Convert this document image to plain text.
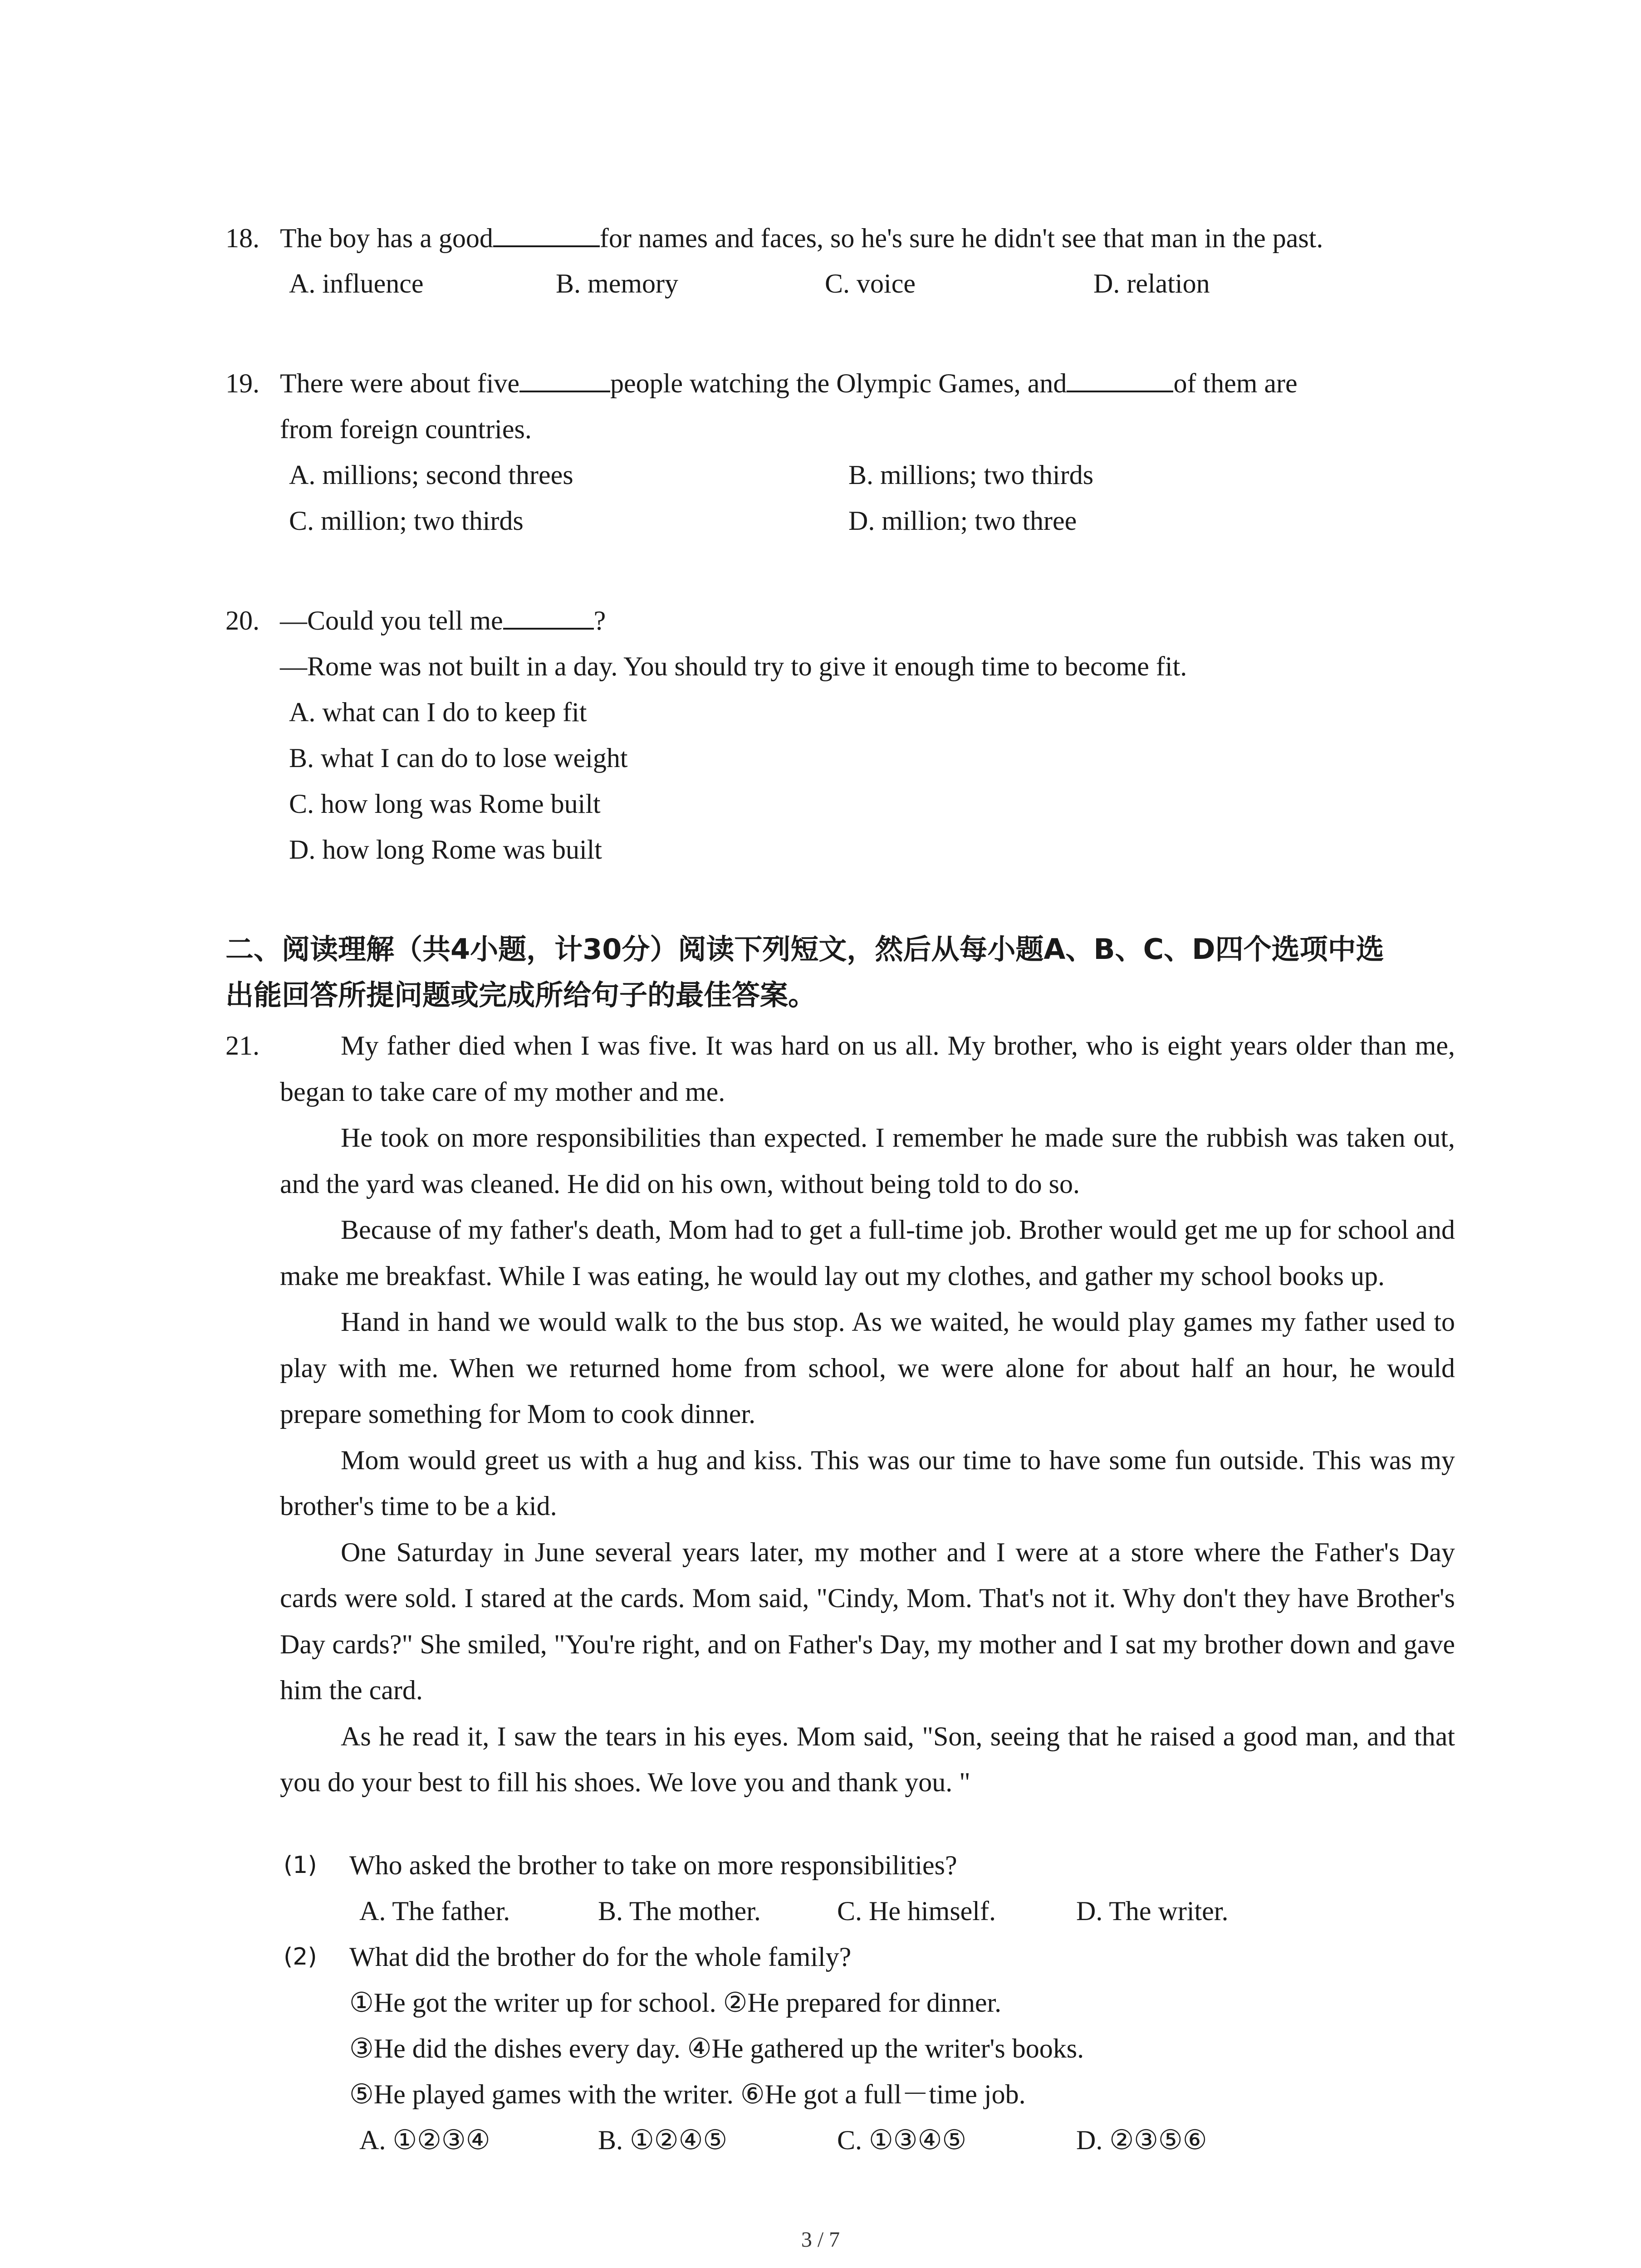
18. The boy has a good	for names and faces, so he's sure he didn't see that man in the past.
A. influence	B. memory	C. voice	D. relation
19. There were about five	people watching the Olympic Games, and	of them are
from foreign countries.
A. millions; second threes	B. millions; two thirds
C. million; two thirds	D. million; two three
20. —Could you tell me	?
—Rome was not built in a day. You should try to give it enough time to become fit.
A. what can I do to keep fit
B. what I can do to lose weight
C. how long was Rome built
D. how long Rome was built
二、阅读理解（共4小题，计30分）阅读下列短文，然后从每小题A、B、C、D四个选项中选
出能回答所提问题或完成所给句子的最佳答案。
21.	My father died when I was five. It was hard on us all. My brother, who is eight years older than me, began to take care of my mother and me.

He took on more responsibilities than expected. I remember he made sure the rubbish was taken out, and the yard was cleaned. He did on his own, without being told to do so.

Because of my father's death, Mom had to get a full-time job. Brother would get me up for school and make me breakfast. While I was eating, he would lay out my clothes, and gather my school books up.

Hand in hand we would walk to the bus stop. As we waited, he would play games my father used to play with me. When we returned home from school, we were alone for about half an hour, he would prepare something for Mom to cook dinner.

Mom would greet us with a hug and kiss. This was our time to have some fun outside. This was my brother's time to be a kid.

One Saturday in June several years later, my mother and I were at a store where the Father's Day cards were sold. I stared at the cards. Mom said, "Cindy, Mom. That's not it. Why don't they have Brother's Day cards?" She smiled, "You're right, and on Father's Day, my mother and I sat my brother down and gave him the card.

As he read it, I saw the tears in his eyes. Mom said, "Son, seeing that he raised a good man, and that you do your best to fill his shoes. We love you and thank you. "

(1) Who asked the brother to take on more responsibilities?
A. The father.	B. The mother.	C. He himself.	D. The writer.
(2) What did the brother do for the whole family?
①He got the writer up for school. ②He prepared for dinner.
③He did the dishes every day. ④He gathered up the writer's books.
⑤He played games with the writer. ⑥He got a full－time job.
A. ①②③④	B. ①②④⑤	C. ①③④⑤	D. ②③⑤⑥
3 / 7
